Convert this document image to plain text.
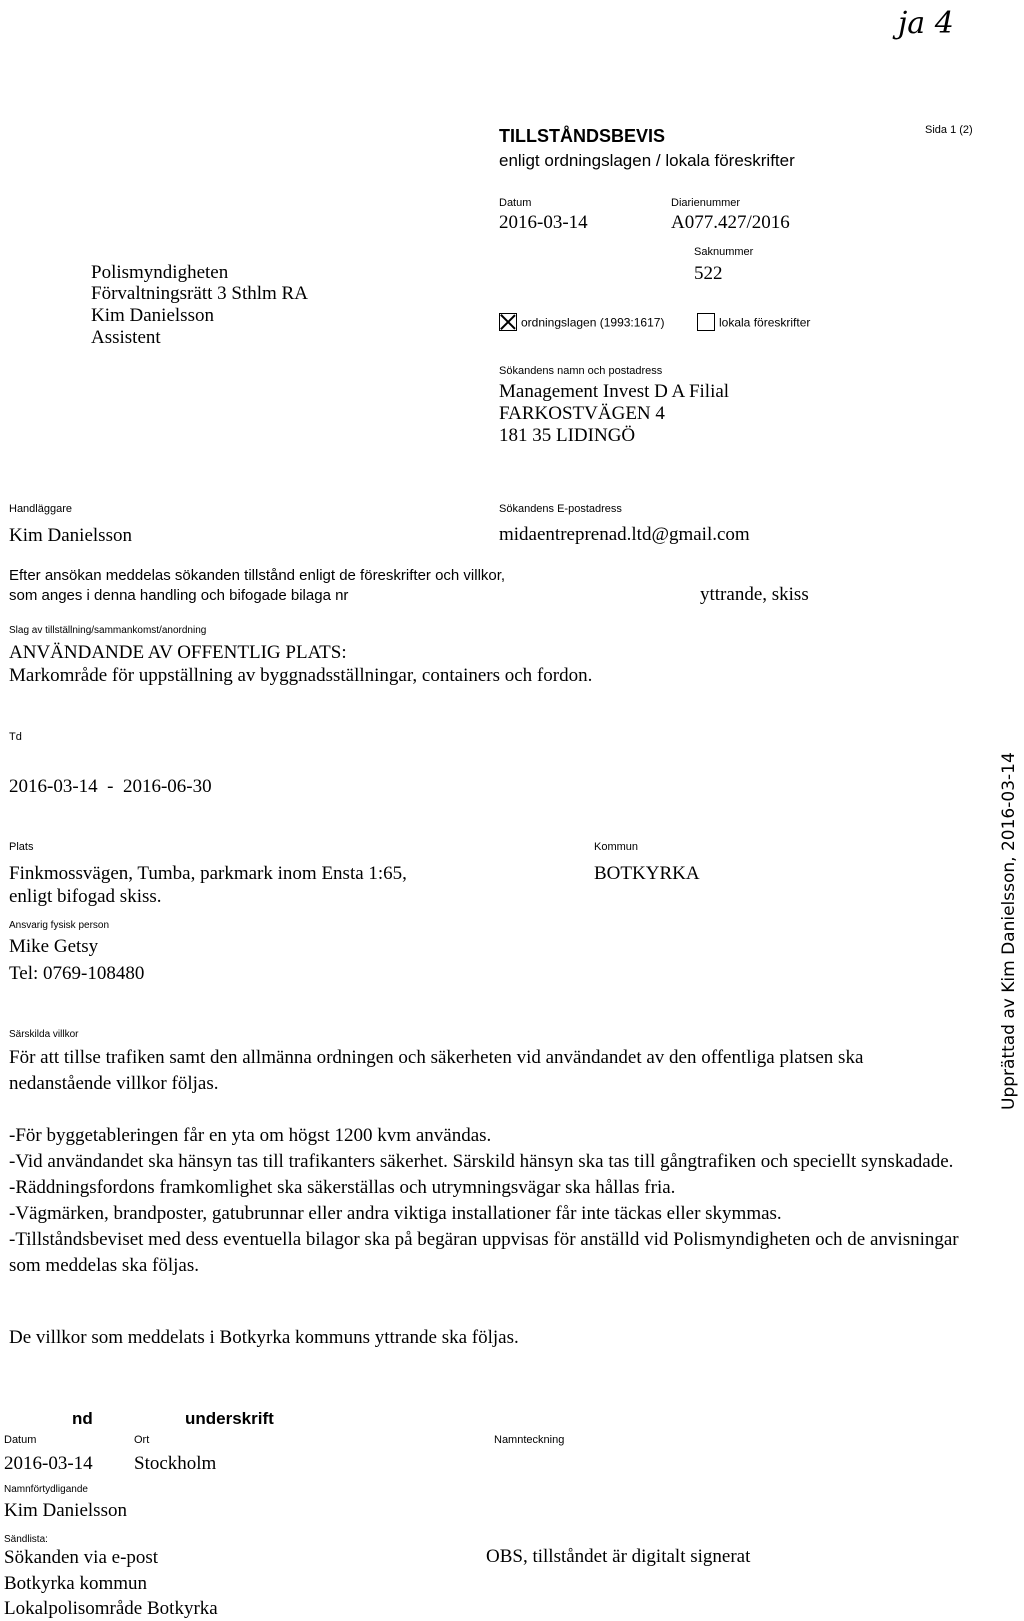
ja 4
TILLSTÅNDSBEVIS
enligt ordningslagen / lokala föreskrifter
Sida 1 (2)
Datum
2016-03-14
Diarienummer
A077.427/2016
Saknummer
522
Polismyndigheten
Förvaltningsrätt 3 Sthlm RA
Kim Danielsson
Assistent
ordningslagen (1993:1617)	lokala föreskrifter
Sökandens namn och postadress
Management Invest D A Filial
FARKOSTVÄGEN 4
181 35 LIDINGÖ
Handläggare
Kim Danielsson
Sökandens E-postadress
midaentreprenad.ltd@gmail.com
Efter ansökan meddelas sökanden tillstånd enligt de föreskrifter och villkor,
som anges i denna handling och bifogade bilaga nr	yttrande, skiss
Slag av tillställning/sammankomst/anordning
ANVÄNDANDE AV OFFENTLIG PLATS:
Markområde för uppställning av byggnadsställningar, containers och fordon.
Td
2016-03-14  -  2016-06-30
Plats
Finkmossvägen, Tumba, parkmark inom Ensta 1:65,
enligt bifogad skiss.
Kommun
BOTKYRKA
Ansvarig fysisk person
Mike Getsy
Tel: 0769-108480
Särskilda villkor
För att tillse trafiken samt den allmänna ordningen och säkerheten vid användandet av den offentliga platsen ska nedanstående villkor följas.

-För byggetableringen får en yta om högst 1200 kvm användas.

-Vid användandet ska hänsyn tas till trafikanters säkerhet. Särskild hänsyn ska tas till gångtrafiken och speciellt synskadade.

-Räddningsfordons framkomlighet ska säkerställas och utrymningsvägar ska hållas fria.

-Vägmärken, brandposter, gatubrunnar eller andra viktiga installationer får inte täckas eller skymmas.

-Tillståndsbeviset med dess eventuella bilagor ska på begäran uppvisas för anställd vid Polismyndigheten och de anvisningar som meddelas ska följas.

De villkor som meddelats i Botkyrka kommuns yttrande ska följas.
nd	underskrift
Datum
2016-03-14
Ort
Stockholm
Namnteckning
Namnförtydligande
Kim Danielsson
Sändlista:
Sökanden via e-post
Botkyrka kommun
Lokalpolisområde Botkyrka
OBS, tillståndet är digitalt signerat
Upprättad av Kim Danielsson, 2016-03-14
